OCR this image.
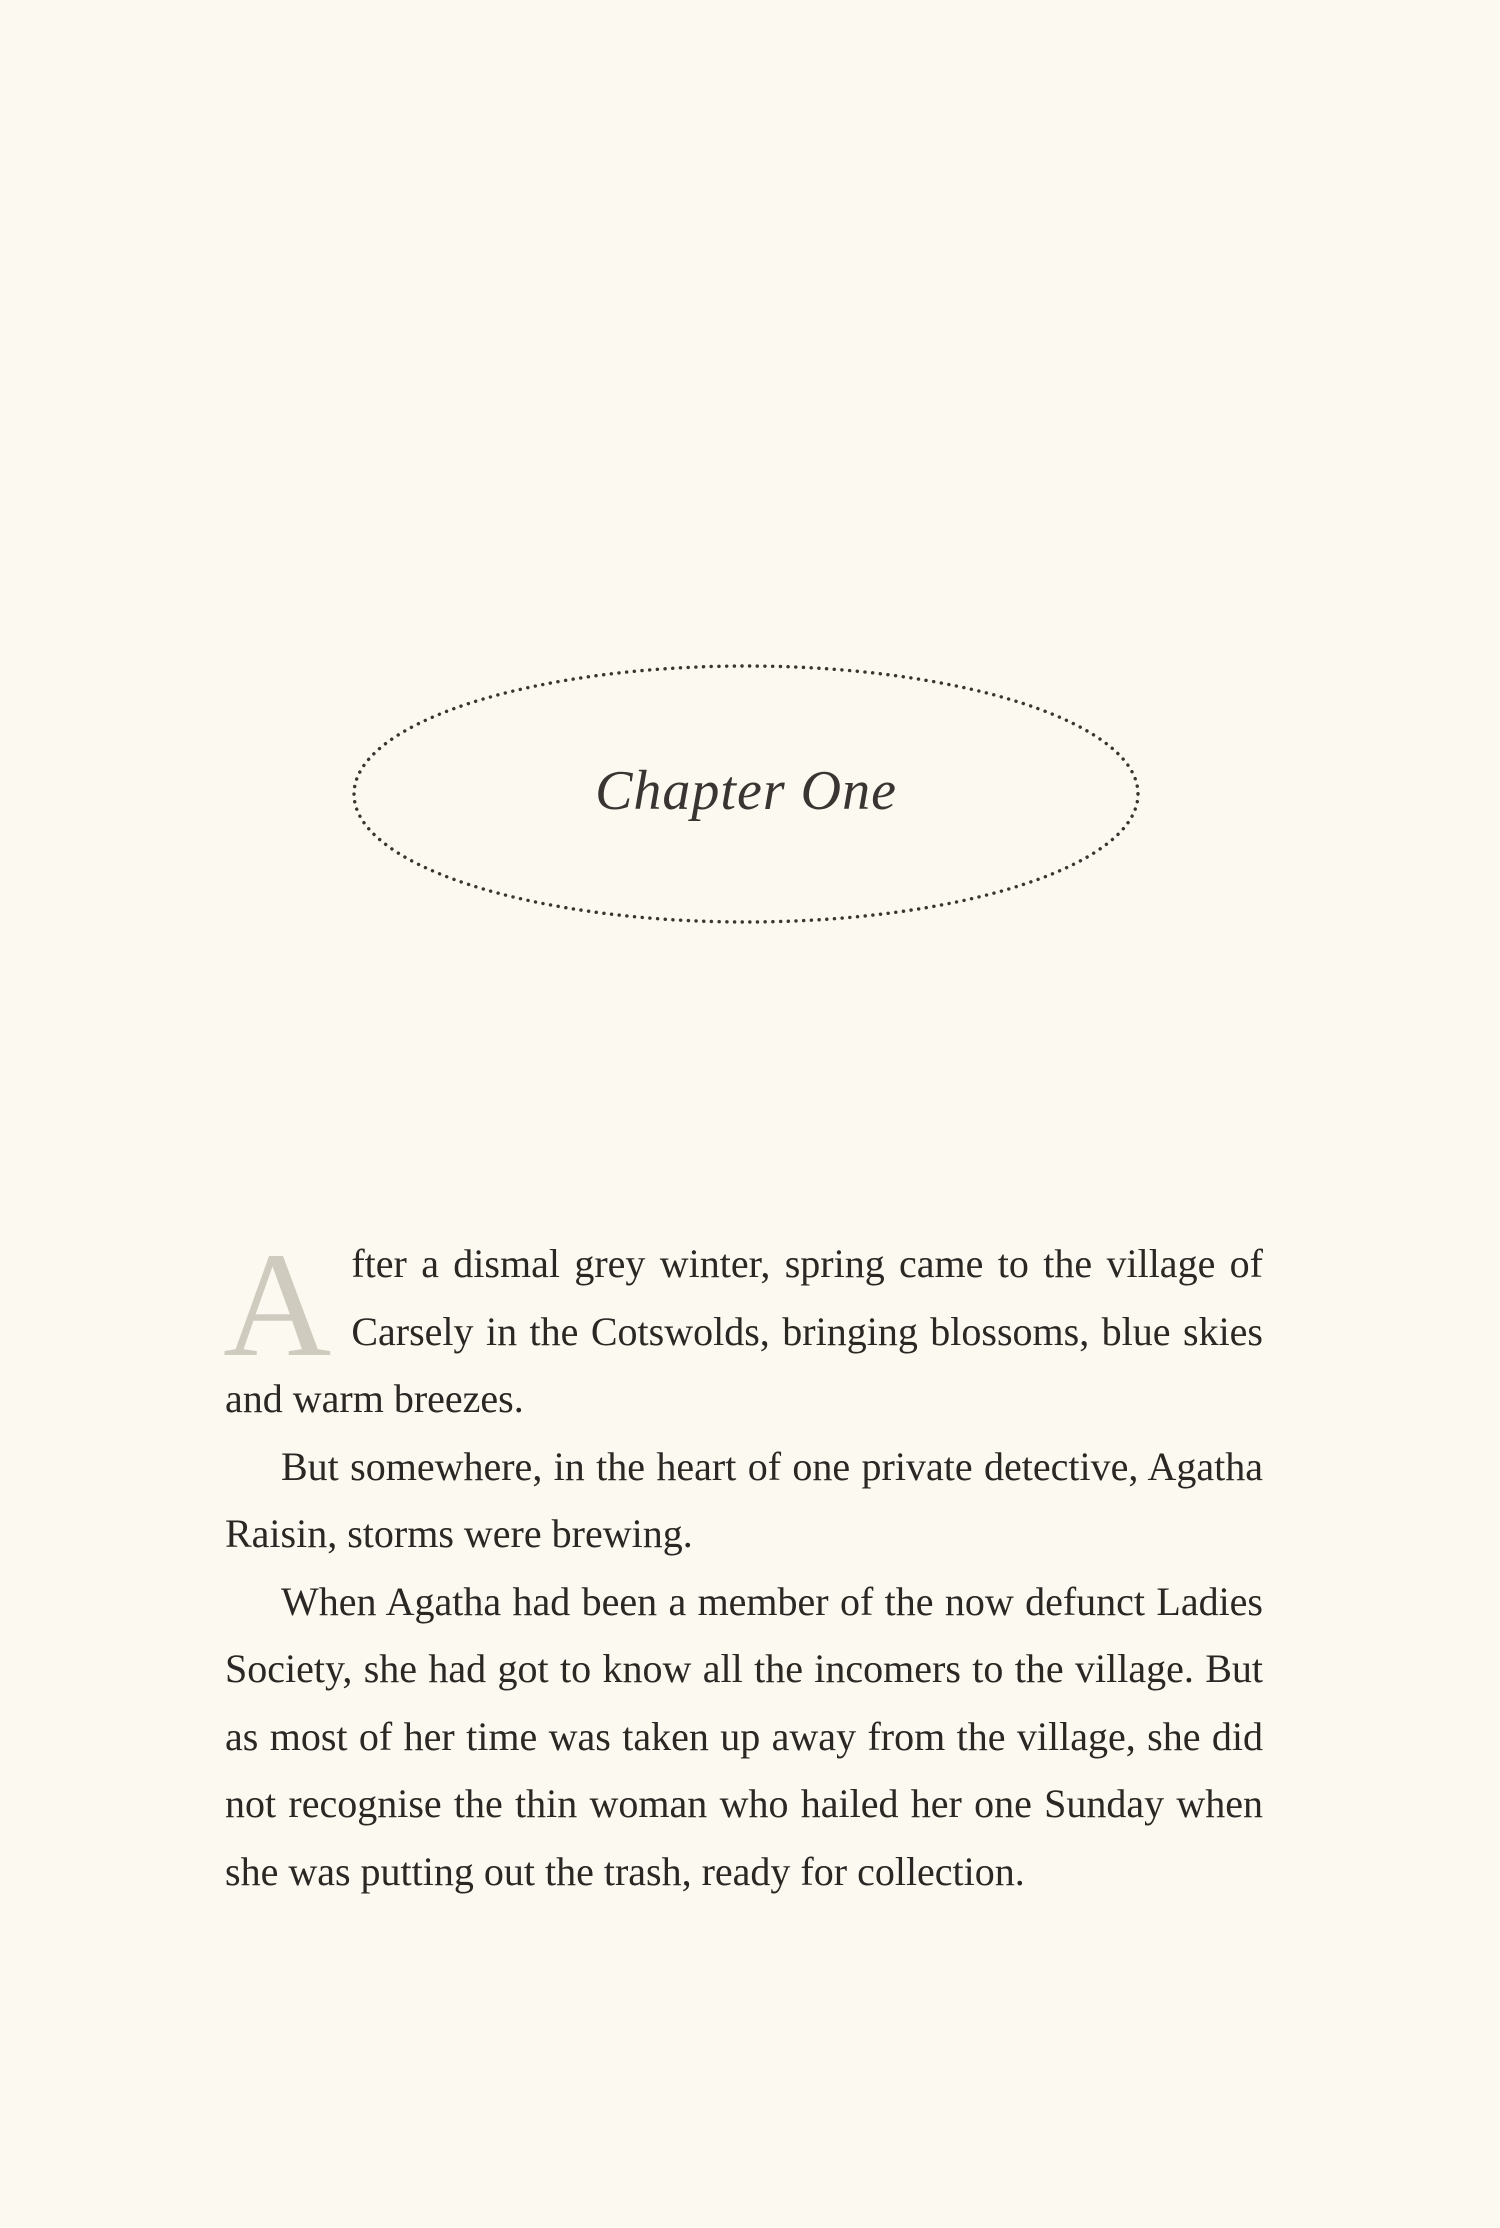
Chapter One

After a dismal grey winter, spring came to the village of Carsely in the Cotswolds, bringing blossoms, blue skies and warm breezes.

But somewhere, in the heart of one private detective, Agatha Raisin, storms were brewing.

When Agatha had been a member of the now defunct Ladies Society, she had got to know all the incomers to the village. But as most of her time was taken up away from the village, she did not recognise the thin woman who hailed her one Sunday when she was putting out the trash, ready for collection.
